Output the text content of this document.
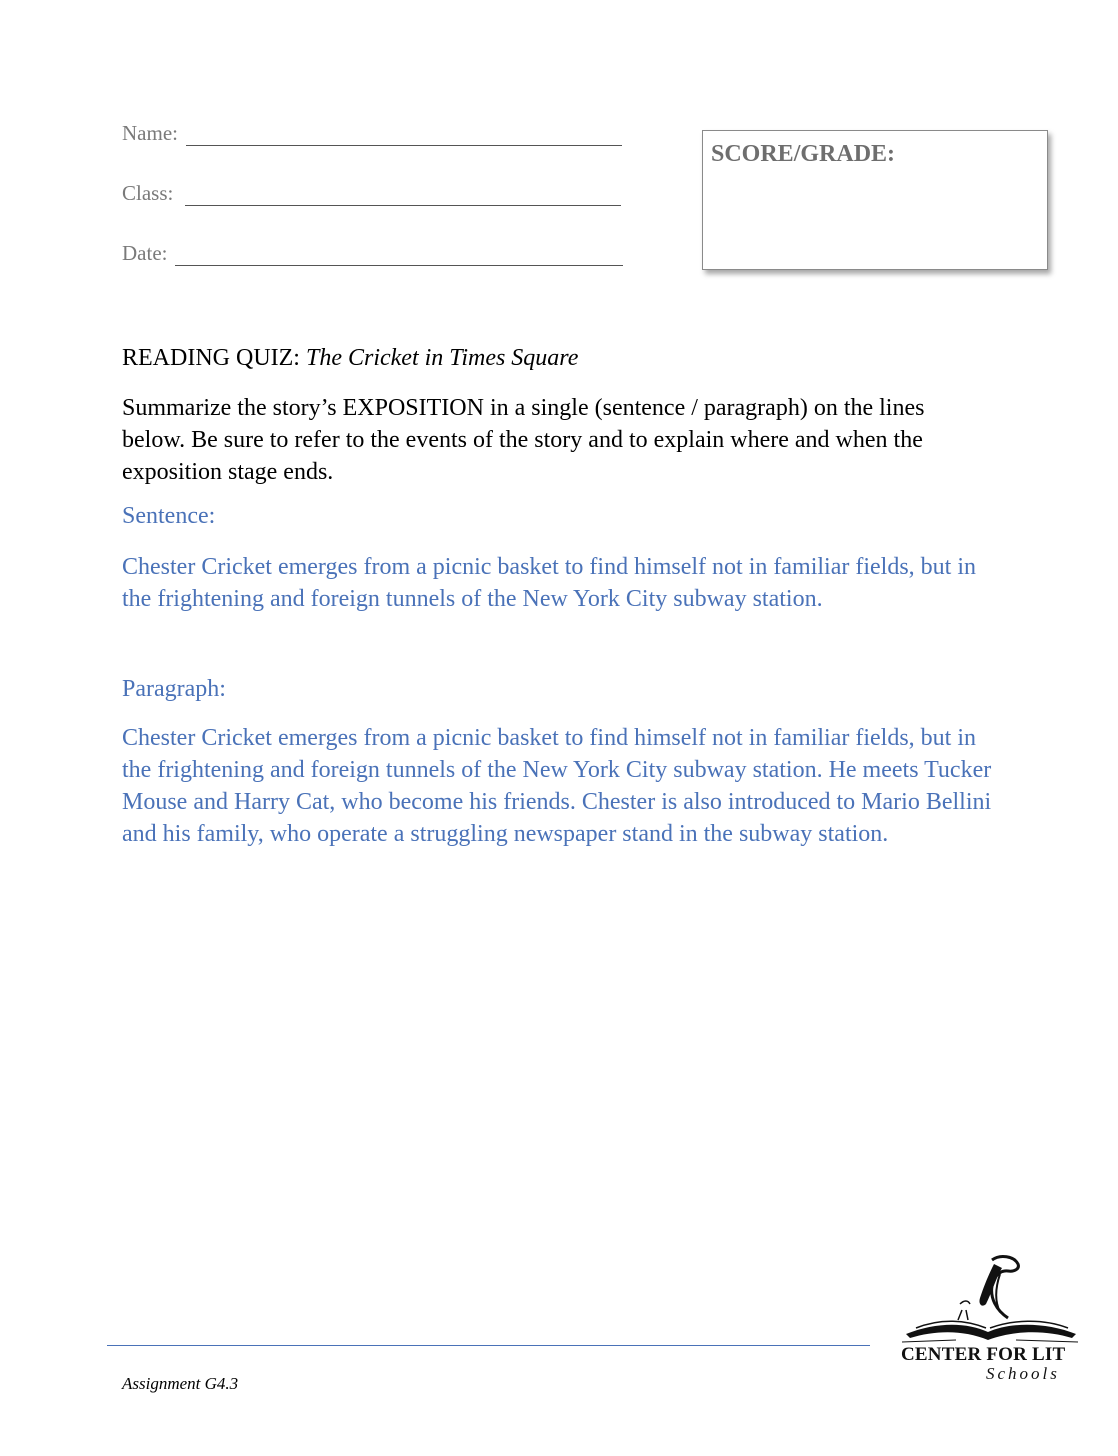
Name:
Class:
Date:
SCORE/GRADE:
READING QUIZ: The Cricket in Times Square
Summarize the story’s EXPOSITION in a single (sentence / paragraph) on the lines below. Be sure to refer to the events of the story and to explain where and when the exposition stage ends.
Sentence:
Chester Cricket emerges from a picnic basket to find himself not in familiar fields, but in the frightening and foreign tunnels of the New York City subway station.
Paragraph:
Chester Cricket emerges from a picnic basket to find himself not in familiar fields, but in the frightening and foreign tunnels of the New York City subway station. He meets Tucker Mouse and Harry Cat, who become his friends. Chester is also introduced to Mario Bellini and his family, who operate a struggling newspaper stand in the subway station.
Assignment G4.3
CENTER FOR LIT
Schools
